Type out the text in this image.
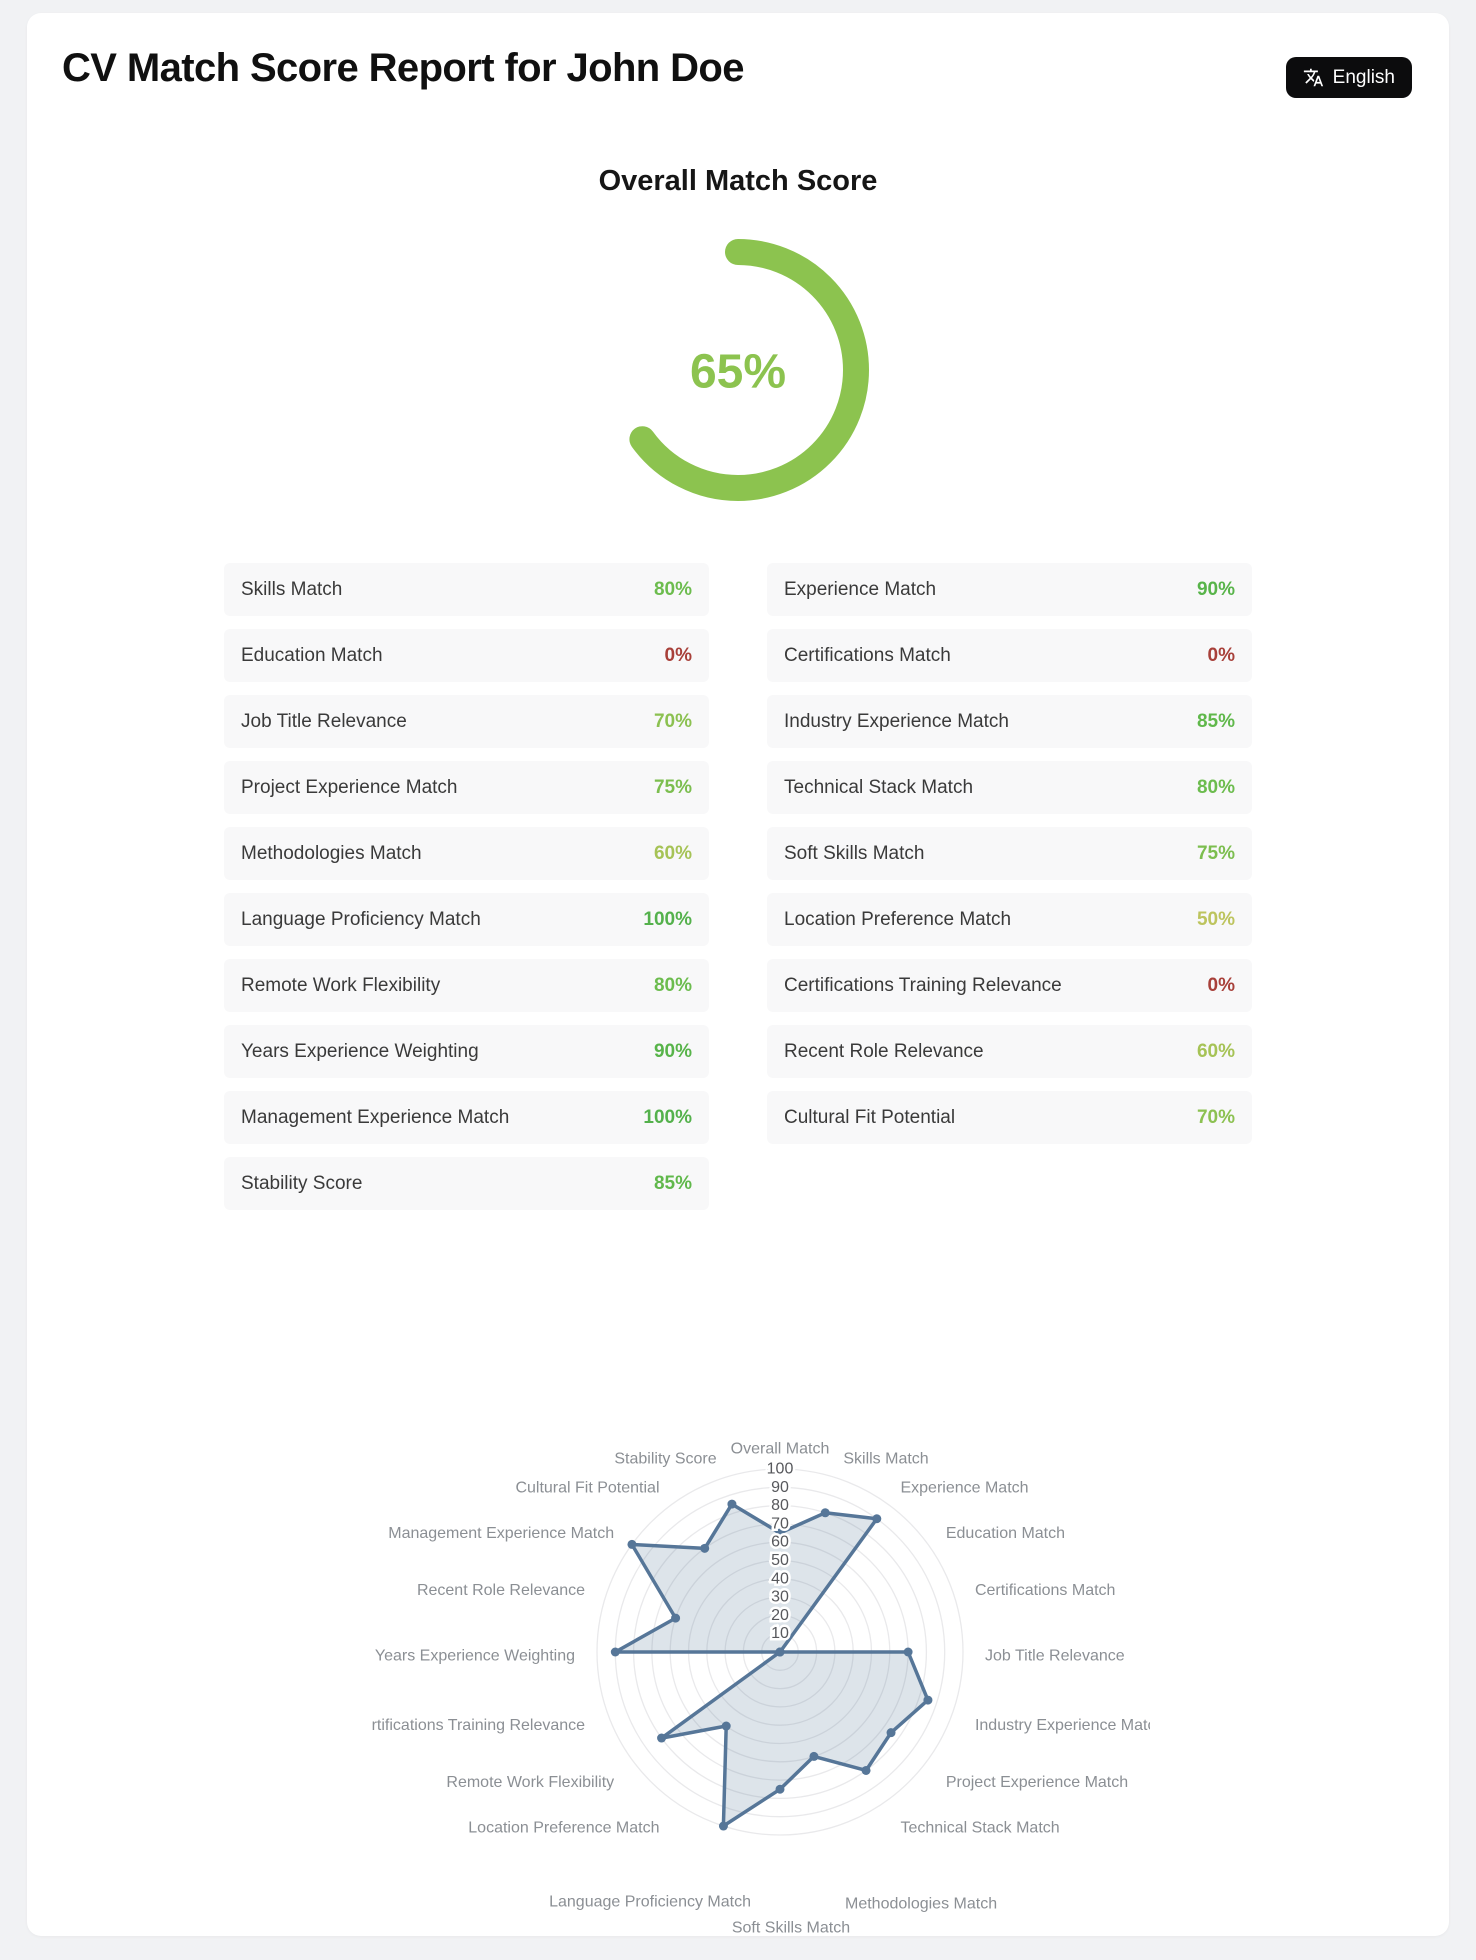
CV Match Score Report for John Doe	English
Overall Match Score
65%
Skills Match	80%
Education Match	0%
Job Title Relevance	70%
Project Experience Match	75%
Methodologies Match	60%
Language Proficiency Match	100%
Remote Work Flexibility	80%
Years Experience Weighting	90%
Management Experience Match	100%
Stability Score	85%
Experience Match	90%
Certifications Match	0%
Industry Experience Match	85%
Technical Stack Match	80%
Soft Skills Match	75%
Location Preference Match	50%
Certifications Training Relevance	0%
Recent Role Relevance	60%
Cultural Fit Potential	70%
10
20
30
40
50
60
70
80
90
100
Overall Match
Skills Match
Experience Match
Education Match
Certifications Match
Job Title Relevance
Industry Experience Matc
Project Experience Match
Technical Stack Match
Methodologies Match
Soft Skills Match
Language Proficiency Match
Location Preference Match
Remote Work Flexibility
ertifications Training Relevance
Years Experience Weighting
Recent Role Relevance
Management Experience Match
Cultural Fit Potential
Stability Score
